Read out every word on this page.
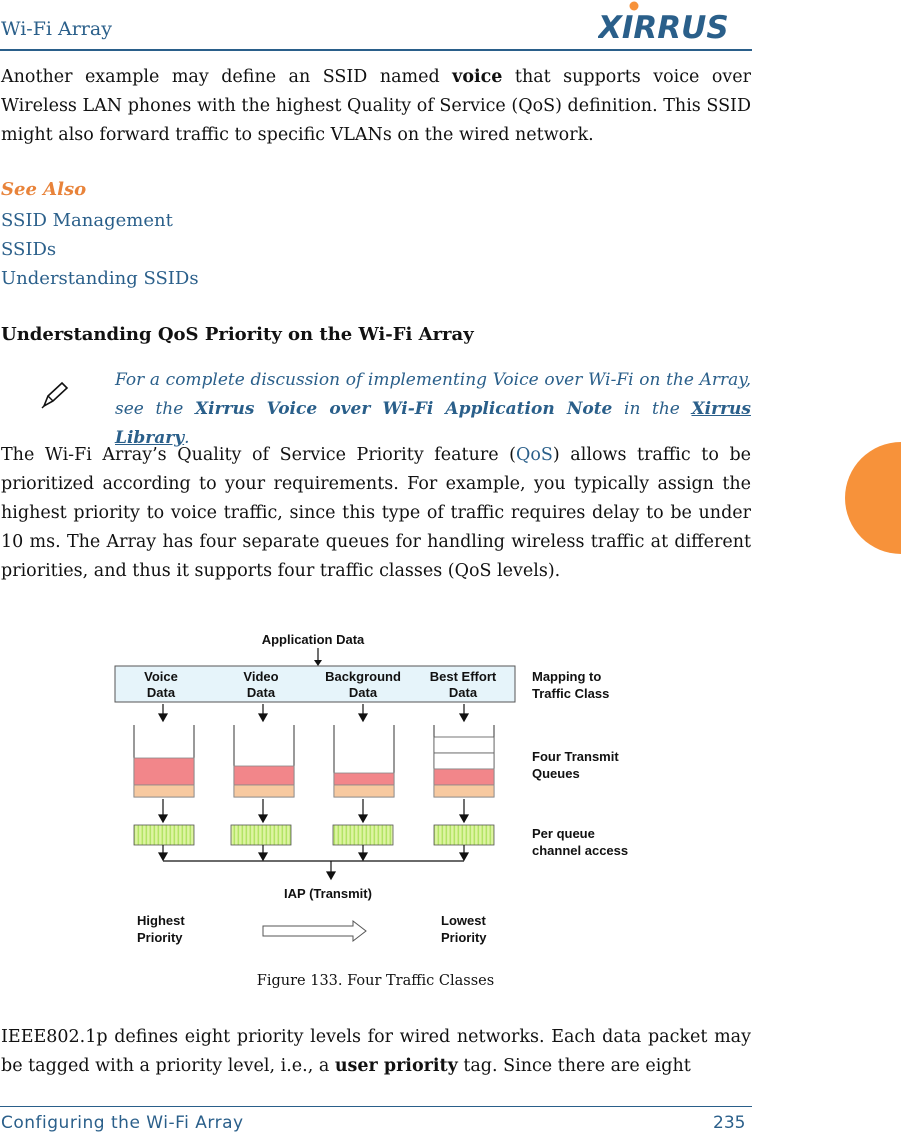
Wi-Fi Array	XIRRUS

Another example may define an SSID named voice that supports voice over Wireless LAN phones with the highest Quality of Service (QoS) definition. This SSID might also forward traffic to specific VLANs on the wired network.

See Also
SSID Management
SSIDs
Understanding SSIDs
Understanding QoS Priority on the Wi-Fi Array

For a complete discussion of implementing Voice over Wi-Fi on the Array, see the Xirrus Voice over Wi-Fi Application Note in the Xirrus Library.

The Wi-Fi Array’s Quality of Service Priority feature (QoS) allows traffic to be prioritized according to your requirements. For example, you typically assign the highest priority to voice traffic, since this type of traffic requires delay to be under 10 ms. The Array has four separate queues for handling wireless traffic at different priorities, and thus it supports four traffic classes (QoS levels).

Application Data
Voice
Data
Video
Data
Background
Data
Best Effort
Data
IAP (Transmit)
Highest
Priority
Lowest
Priority
Mapping to
Traffic Class
Four Transmit
Queues
Per queue
channel access
Figure 133. Four Traffic Classes

IEEE802.1p defines eight priority levels for wired networks. Each data packet may be tagged with a priority level, i.e., a user priority tag. Since there are eight

Configuring the Wi-Fi Array	235
